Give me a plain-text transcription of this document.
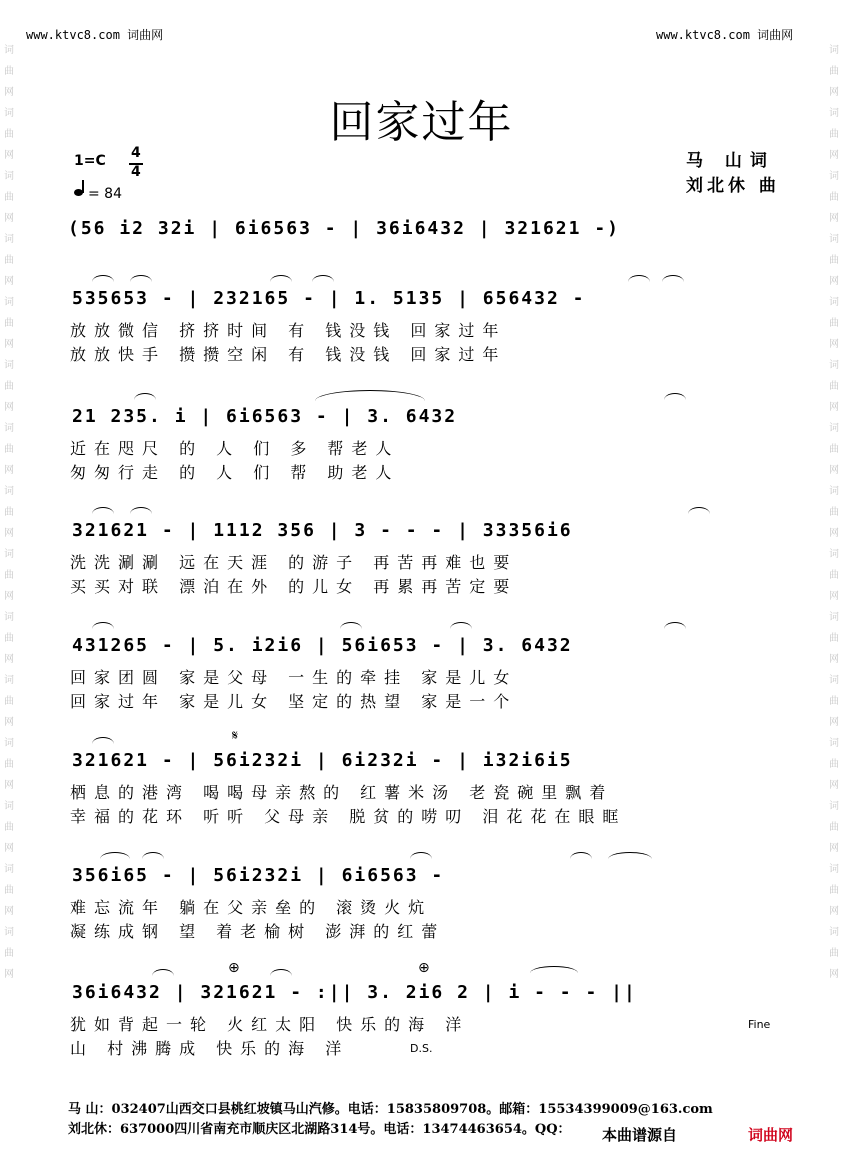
www.ktvc8.com 词曲网	www.ktvc8.com 词曲网
词曲网词曲网词曲网词曲网词曲网词曲网词曲网词曲网词曲网词曲网词曲网词曲网词曲网词曲网词曲网
词曲网词曲网词曲网词曲网词曲网词曲网词曲网词曲网词曲网词曲网词曲网词曲网词曲网词曲网词曲网
回家过年
马 山词
刘北休 曲
1=C 4
4
= 84
(56 i2 32i | 6i6563 - | 36i6432 | 321621 -)
535653 - | 232165 - | 1. 5135 | 656432 -
放放微信 挤挤时间 有 钱没钱 回家过年
放放快手 攒攒空闲 有 钱没钱 回家过年
21 235. i | 6i6563 - | 3. 6432
近在咫尺 的 人 们 多 帮老人
匆匆行走 的 人 们 帮 助老人
321621 - | 1112 356 | 3 - - - | 33356i6
洗洗涮涮 远在天涯 的游子 再苦再难也要
买买对联 漂泊在外 的儿女 再累再苦定要
431265 - | 5. i2i6 | 56i653 - | 3. 6432
回家团圆 家是父母 一生的牵挂 家是儿女
回家过年 家是儿女 坚定的热望 家是一个
𝄋
321621 - | 56i232i | 6i232i - | i32i6i5
栖息的港湾 喝喝母亲熬的 红薯米汤 老瓷碗里飘着
幸福的花环 听听 父母亲 脱贫的唠叨 泪花花在眼眶
356i65 - | 56i232i | 6i6563 -
难忘流年 躺在父亲垒的 滚烫火炕
凝练成钢 望 着老榆树 澎湃的红蕾
⊕	⊕
36i6432 | 321621 - :|| 3. 2i6 2 | i - - - ||
犹如背起一轮 火红太阳 快乐的海 洋
山 村沸腾成 快乐的海 洋
Fine
D.S.
马 山：032407山西交口县桃红坡镇马山汽修。电话：15835809708。邮箱：15534399009@163.com
刘北休：637000四川省南充市顺庆区北湖路314号。电话：13474463654。QQ： 本曲谱源自	词曲网
